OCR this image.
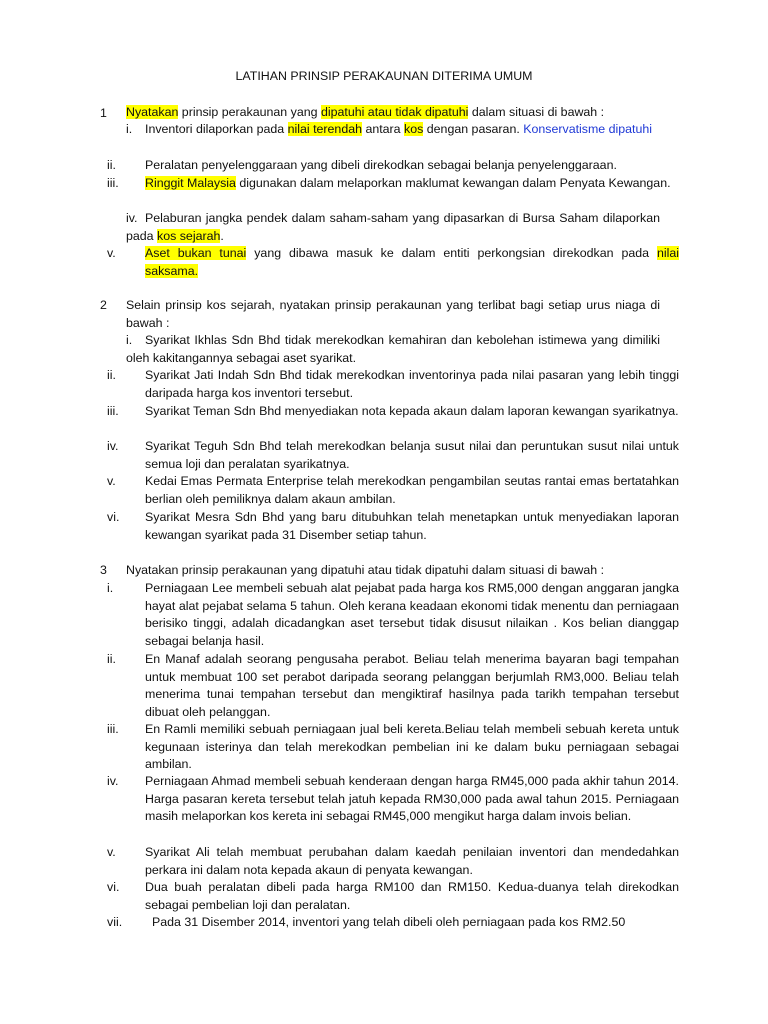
LATIHAN PRINSIP PERAKAUNAN DITERIMA UMUM
1 Nyatakan prinsip perakaunan yang dipatuhi atau tidak dipatuhi dalam situasi di bawah :
i. Inventori dilaporkan pada nilai terendah antara kos dengan pasaran. Konservatisme dipatuhi
ii. Peralatan penyelenggaraan yang dibeli direkodkan sebagai belanja penyelenggaraan.
iii. Ringgit Malaysia digunakan dalam melaporkan maklumat kewangan dalam Penyata Kewangan.
iv. Pelaburan jangka pendek dalam saham-saham yang dipasarkan di Bursa Saham dilaporkan pada kos sejarah.
v. Aset bukan tunai yang dibawa masuk ke dalam entiti perkongsian direkodkan pada nilai saksama.
2 Selain prinsip kos sejarah, nyatakan prinsip perakaunan yang terlibat bagi setiap urus niaga di bawah :
i. Syarikat Ikhlas Sdn Bhd tidak merekodkan kemahiran dan kebolehan istimewa yang dimiliki oleh kakitangannya sebagai aset syarikat.
ii. Syarikat Jati Indah Sdn Bhd tidak merekodkan inventorinya pada nilai pasaran yang lebih tinggi daripada harga kos inventori tersebut.
iii. Syarikat Teman Sdn Bhd menyediakan nota kepada akaun dalam laporan kewangan syarikatnya.
iv. Syarikat Teguh Sdn Bhd telah merekodkan belanja susut nilai dan peruntukan susut nilai untuk semua loji dan peralatan syarikatnya.
v. Kedai Emas Permata Enterprise telah merekodkan pengambilan seutas rantai emas bertatahkan berlian oleh pemiliknya dalam akaun ambilan.
vi. Syarikat Mesra Sdn Bhd yang baru ditubuhkan telah menetapkan untuk menyediakan laporan kewangan syarikat pada 31 Disember setiap tahun.
3 Nyatakan prinsip perakaunan yang dipatuhi atau tidak dipatuhi dalam situasi di bawah :
i.	Perniagaan Lee membeli sebuah alat pejabat pada harga kos RM5,000 dengan anggaran jangka hayat alat pejabat selama 5 tahun. Oleh kerana keadaan ekonomi tidak menentu dan perniagaan berisiko tinggi, adalah dicadangkan aset tersebut tidak disusut nilaikan . Kos belian dianggap sebagai belanja hasil.
ii. En Manaf adalah seorang pengusaha perabot. Beliau telah menerima bayaran bagi tempahan untuk membuat 100 set perabot daripada seorang pelanggan berjumlah RM3,000. Beliau telah menerima tunai tempahan tersebut dan mengiktiraf hasilnya pada tarikh tempahan tersebut dibuat oleh pelanggan.
iii. En Ramli memiliki sebuah perniagaan jual beli kereta.Beliau telah membeli sebuah kereta untuk kegunaan isterinya dan telah merekodkan pembelian ini ke dalam buku perniagaan sebagai ambilan.
iv. Perniagaan Ahmad membeli sebuah kenderaan dengan harga RM45,000 pada akhir tahun 2014. Harga pasaran kereta tersebut telah jatuh kepada RM30,000 pada awal tahun 2015. Perniagaan masih melaporkan kos kereta ini sebagai RM45,000 mengikut harga dalam invois belian.
v. Syarikat Ali telah membuat perubahan dalam kaedah penilaian inventori dan mendedahkan perkara ini dalam nota kepada akaun di penyata kewangan.
vi. Dua buah peralatan dibeli pada harga RM100 dan RM150. Kedua-duanya telah direkodkan sebagai pembelian loji dan peralatan.
vii. Pada 31 Disember 2014, inventori yang telah dibeli oleh perniagaan pada kos RM2.50
